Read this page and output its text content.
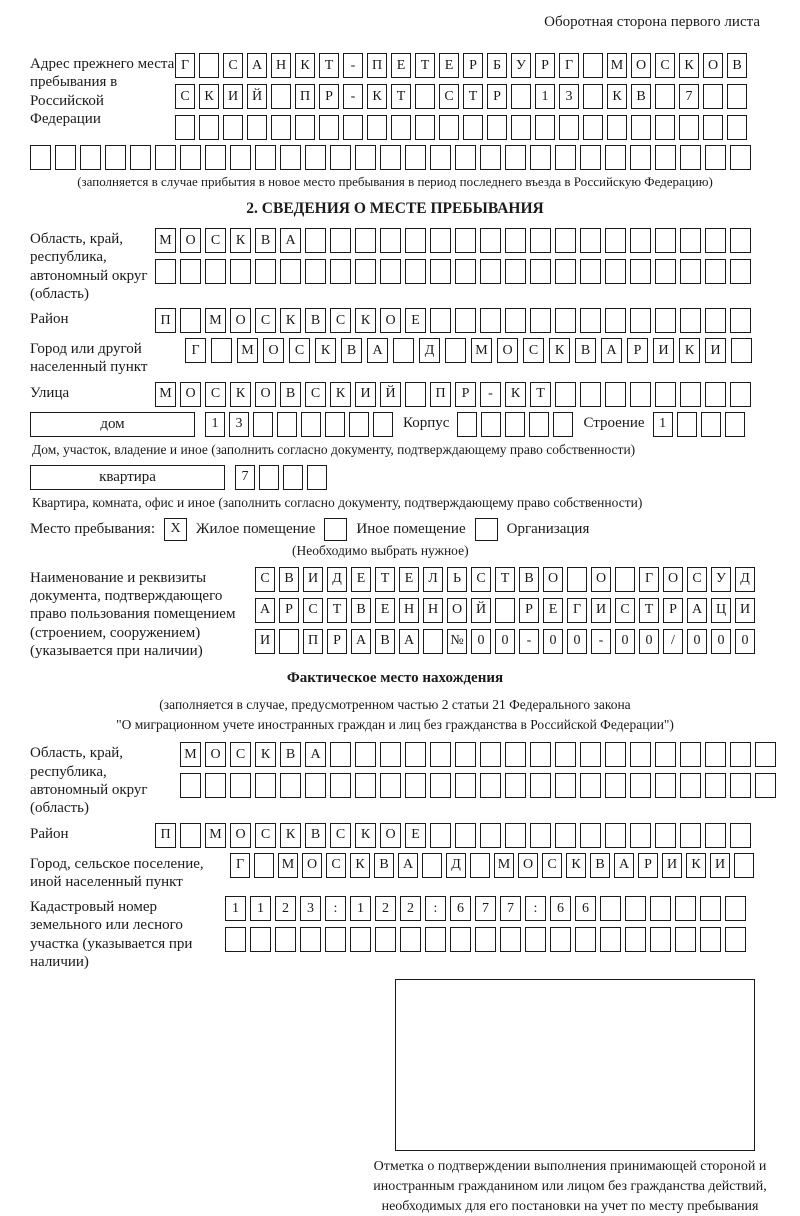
Оборотная сторона первого листа
Адрес прежнего места пребывания в Российской Федерации
Г	С	А Н	К	Т	-	П	Е	Т	Е	Р	Б	У	Р	Г	М О	С	К	О	В
С	К	И Й	П	Р	-	К	Т	С	Т	Р	1	3	К	В	7
(заполняется в случае прибытия в новое место пребывания в период последнего въезда в Российскую Федерацию)
2. СВЕДЕНИЯ О МЕСТЕ ПРЕБЫВАНИЯ
Область, край, республика, автономный округ (область)
М О	С	К	В	А
Район	П	М О	С	К	В	С	К	О	Е
Город или другой населенный пункт
Г	М	О	С	К	В	А	Д	М	О	С	К	В	А	Р	И	К	И
Улица	М О	С	К	О	В	С	К	И	Й	П	Р	-	К	Т
дом	1	3	Корпус	Строение	1
Дом, участок, владение и иное (заполнить согласно документу, подтверждающему право собственности)
квартира	7
Квартира, комната, офис и иное (заполнить согласно документу, подтверждающему право собственности)
Место пребывания:	X	Жилое помещение	Иное помещение	Организация
(Необходимо выбрать нужное)
Наименование и реквизиты документа, подтверждающего право пользования помещением (строением, сооружением) (указывается при наличии)
С	В	И	Д	Е	Т	Е	Л	Ь	С	Т	В	О	О	Г	О	С	У	Д
А	Р	С	Т	В	Е	Н Н О Й	Р	Е	Г	И	С	Т	Р	А Ц И
И	П	Р	А	В	А	№ 0	0	-	0	0	-	0	0	/	0	0	0
Фактическое место нахождения
(заполняется в случае, предусмотренном частью 2 статьи 21 Федерального закона
"О миграционном учете иностранных граждан и лиц без гражданства в Российской Федерации")
Область, край, республика, автономный округ (область)
М О	С	К	В	А
Район	П	М О	С	К	В	С	К	О	Е
Город, сельское поселение, иной населенный пункт
Г	М О	С	К	В	А	Д	М О	С	К	В	А	Р	И	К	И
Кадастровый номер земельного или лесного участка (указывается при наличии)
1	1	2	3	:	1	2	2	:	6	7	7	:	6	6
Отметка о подтверждении выполнения принимающей стороной и иностранным гражданином или лицом без гражданства действий, необходимых для его постановки на учет по месту пребывания
